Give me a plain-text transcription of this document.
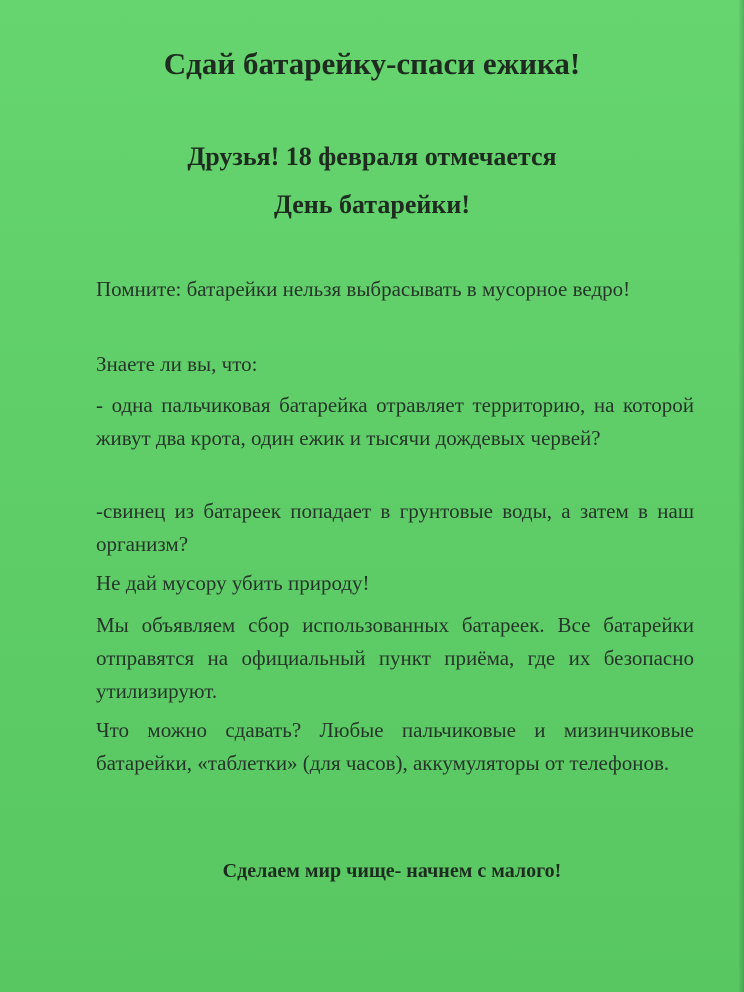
Сдай батарейку-спаси ежика!
Друзья! 18 февраля отмечается
День батарейки!
Помните: батарейки нельзя выбрасывать в мусорное ведро!
Знаете ли вы, что:
- одна пальчиковая батарейка отравляет территорию, на которой живут два крота, один ежик и тысячи дождевых червей?
-свинец из батареек попадает в грунтовые воды, а затем в наш организм?
Не дай мусору убить природу!
Мы объявляем сбор использованных батареек. Все батарейки отправятся на официальный пункт приёма, где их безопасно утилизируют.
Что можно сдавать? Любые пальчиковые и мизинчиковые батарейки, «таблетки» (для часов), аккумуляторы от телефонов.
Сделаем мир чище- начнем с малого!
